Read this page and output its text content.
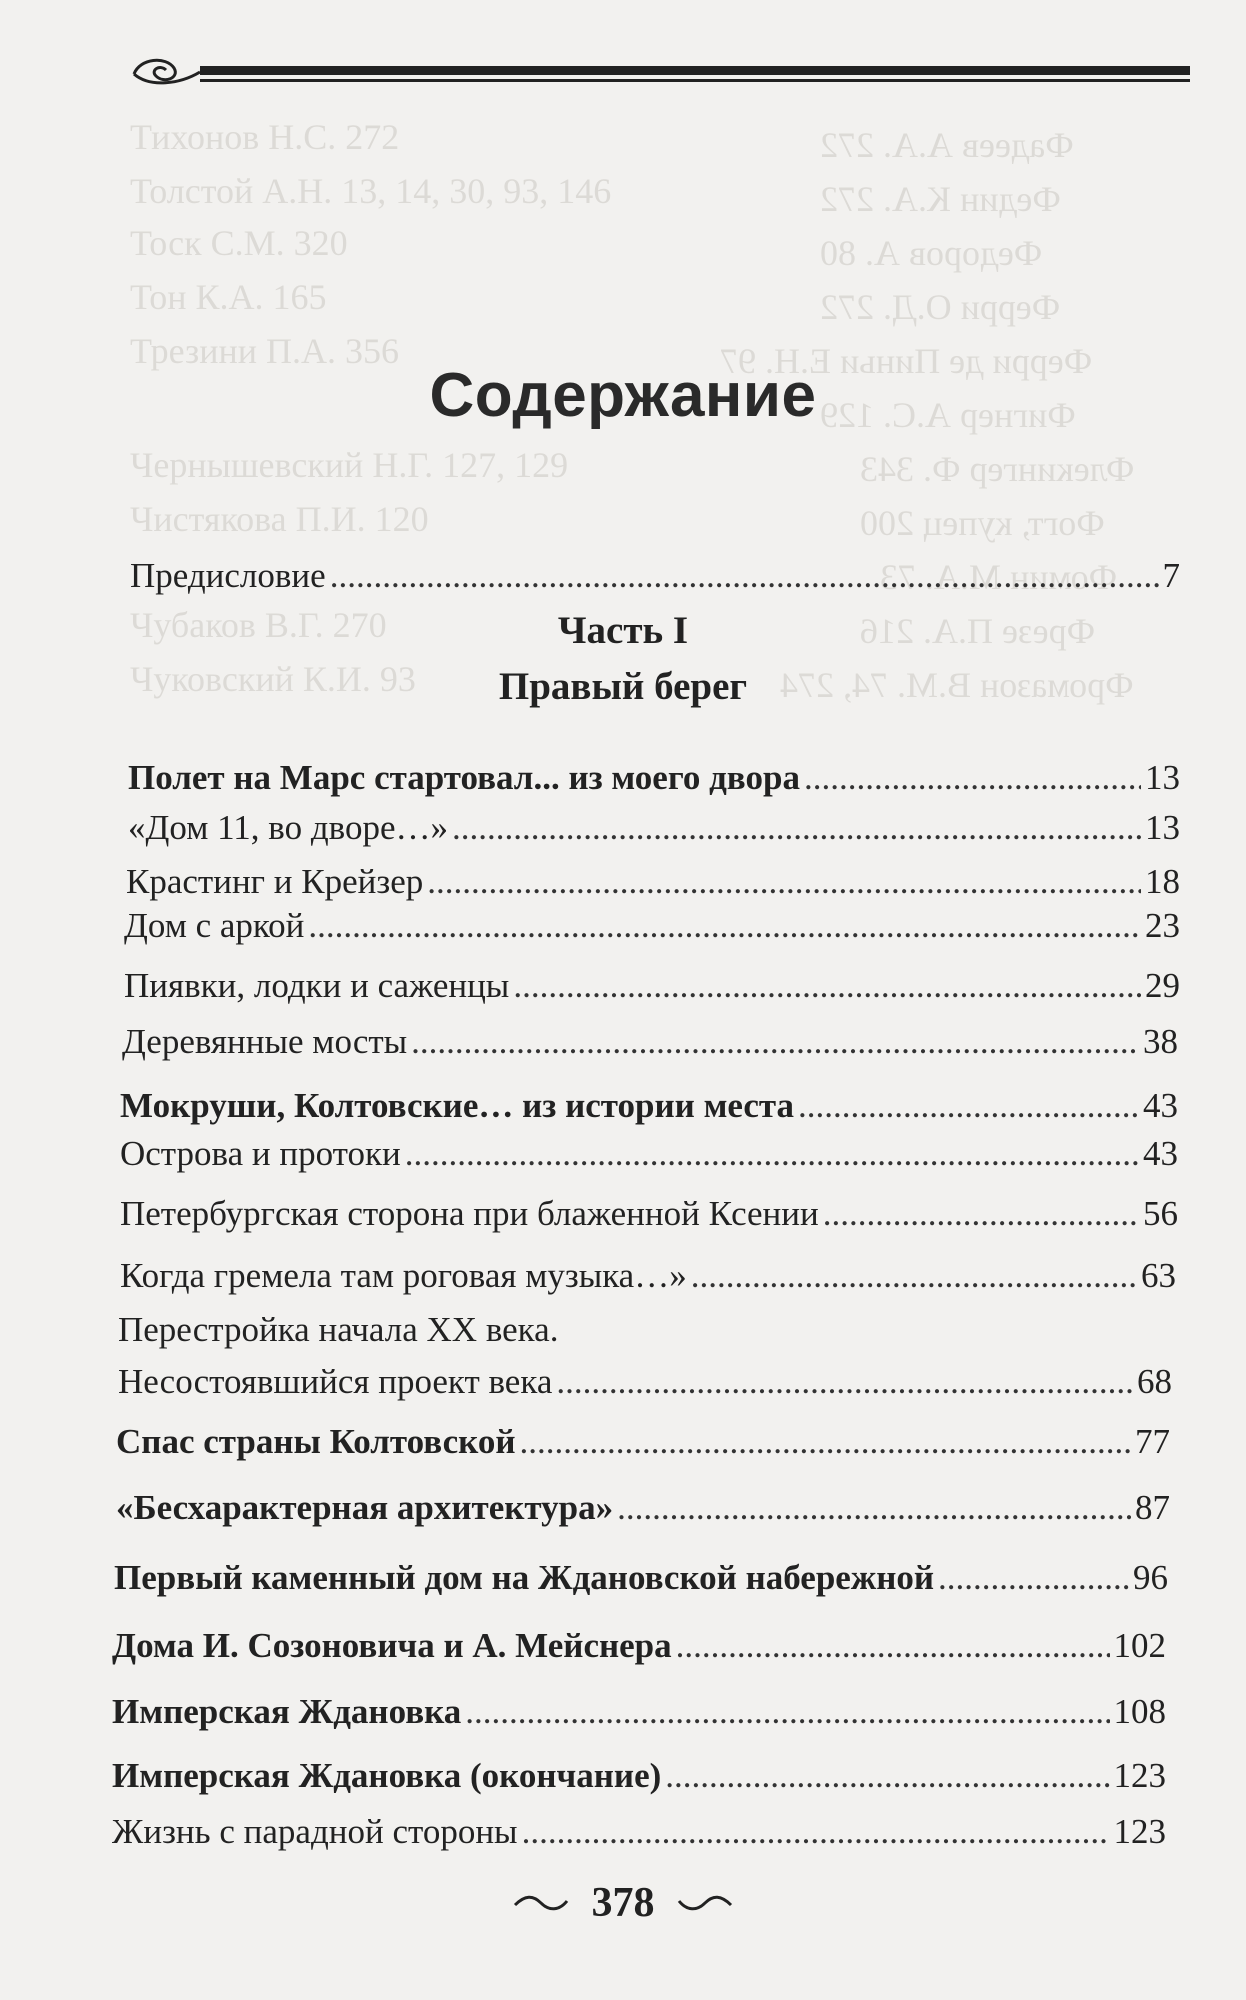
Тихонов Н.С. 272
Толстой А.Н. 13, 14, 30, 93, 146
Тоск С.М. 320
Тон К.А. 165
Трезини П.А. 356
Фадеев А.А. 272
Федин К.А. 272
Федоров А. 80
Ферри О.Д. 272
Ферри де Пиньи Е.Н. 97
Фигнер А.С. 129
Чернышевский Н.Г. 127, 129	Флекингер Ф. 343
Чистякова П.И. 120	Фогт, купец 200
Фомин М.А. 73
Чубаков В.Г. 270	Фрезе П.А. 216
Чуковский К.И. 93	Фромазон В.М. 74, 274
Содержание
Предисловие .....	7
Часть I
Правый берег
Полет на Марс стартовал... из моего двора .....	13
«Дом 11, во дворе…» .....	13
Крастинг и Крейзер .....	18
Дом с аркой .....	23
Пиявки, лодки и саженцы .....	29
Деревянные мосты .....	38
Мокруши, Колтовские… из истории места .....	43
Острова и протоки .....	43
Петербургская сторона при блаженной Ксении .....	56
Когда гремела там роговая музыка…» .....	63
Перестройка начала XX века.
Несостоявшийся проект века .....	68
Спас страны Колтовской .....	77
«Бесхарактерная архитектура» .....	87
Первый каменный дом на Ждановской набережной .....	96
Дома И. Созоновича и А. Мейснера .....	102
Имперская Ждановка .....	108
Имперская Ждановка (окончание) .....	123
Жизнь с парадной стороны .....	123
378
